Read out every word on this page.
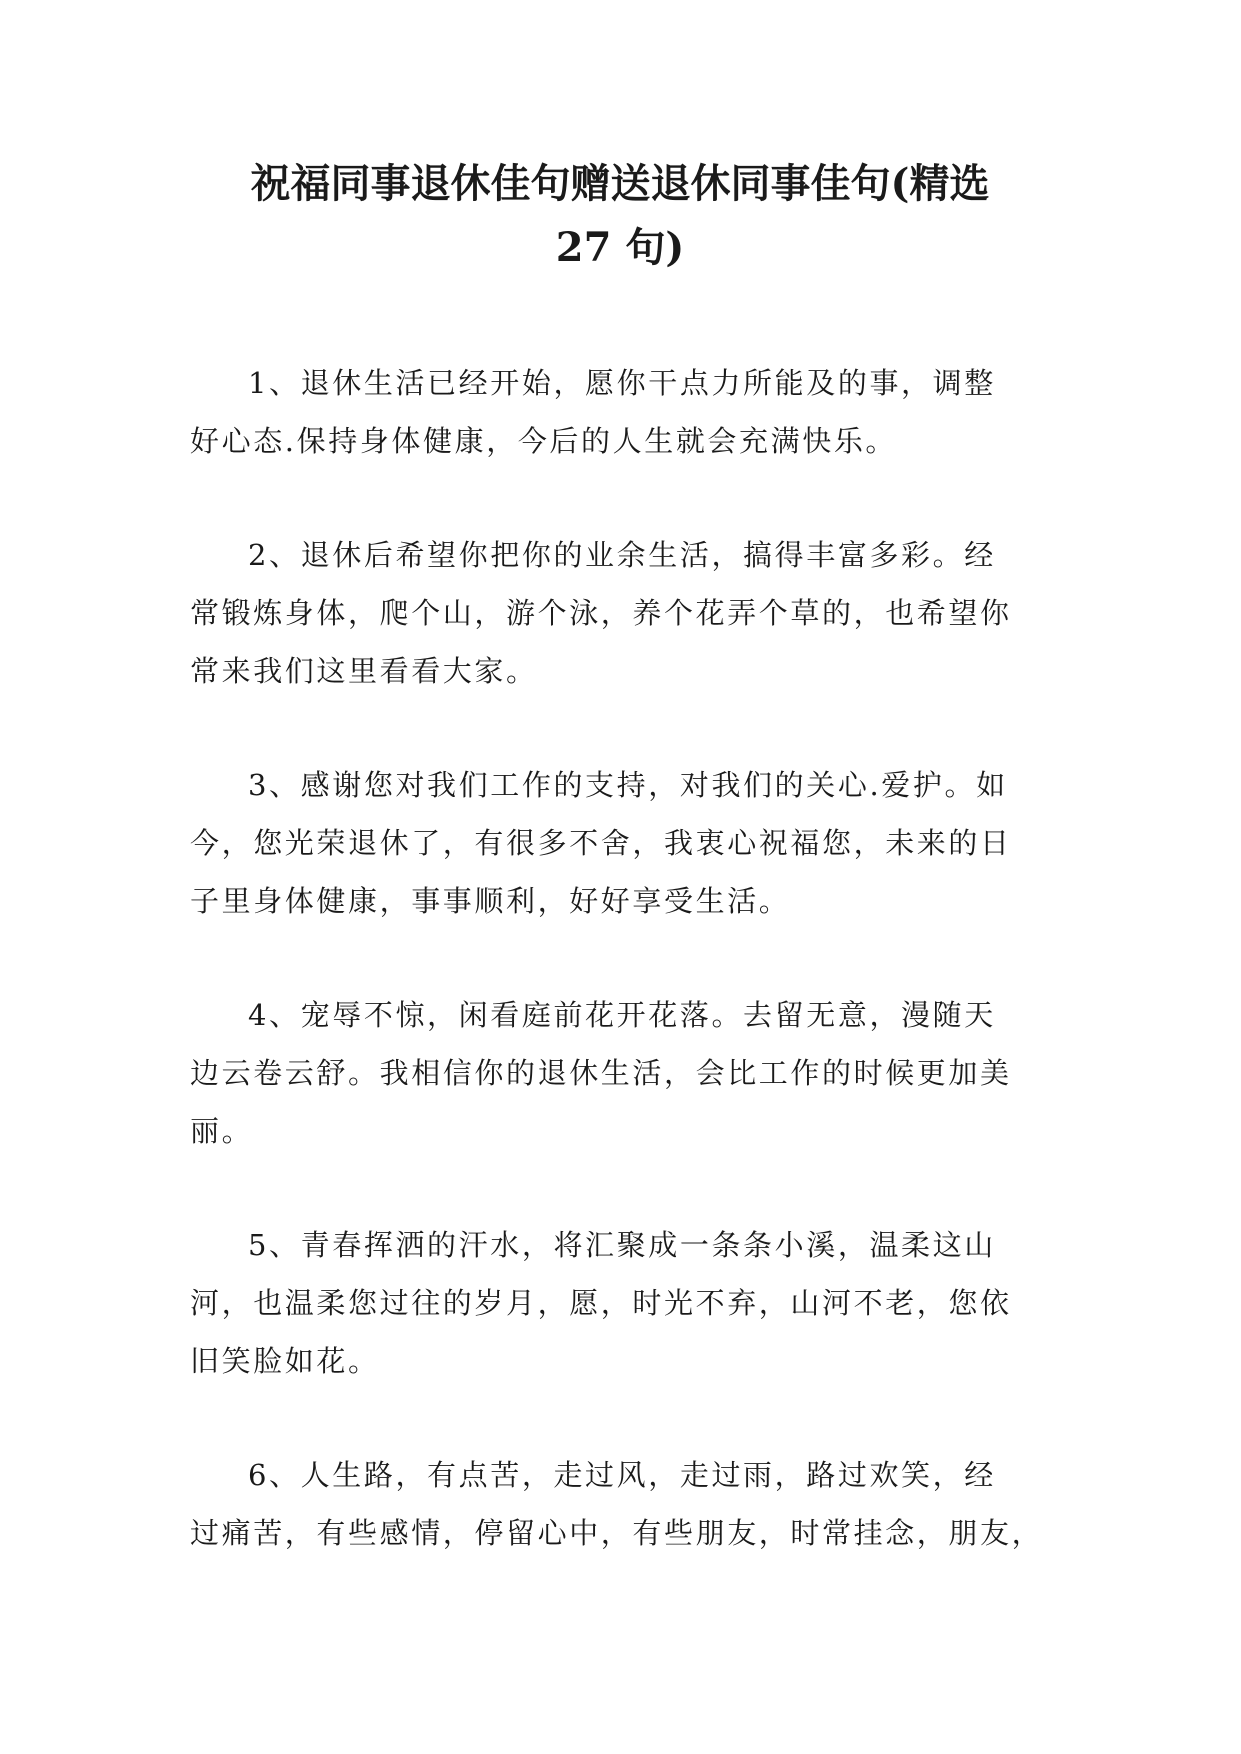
祝福同事退休佳句赠送退休同事佳句(精选
27 句)

1、退休生活已经开始，愿你干点力所能及的事，调整
好心态.保持身体健康，今后的人生就会充满快乐。

2、退休后希望你把你的业余生活，搞得丰富多彩。经
常锻炼身体，爬个山，游个泳，养个花弄个草的，也希望你
常来我们这里看看大家。

3、感谢您对我们工作的支持，对我们的关心.爱护。如
今，您光荣退休了，有很多不舍，我衷心祝福您，未来的日
子里身体健康，事事顺利，好好享受生活。

4、宠辱不惊，闲看庭前花开花落。去留无意，漫随天
边云卷云舒。我相信你的退休生活，会比工作的时候更加美
丽。

5、青春挥洒的汗水，将汇聚成一条条小溪，温柔这山
河，也温柔您过往的岁月，愿，时光不弃，山河不老，您依
旧笑脸如花。

6、人生路，有点苦，走过风，走过雨，路过欢笑，经
过痛苦，有些感情，停留心中，有些朋友，时常挂念，朋友，
